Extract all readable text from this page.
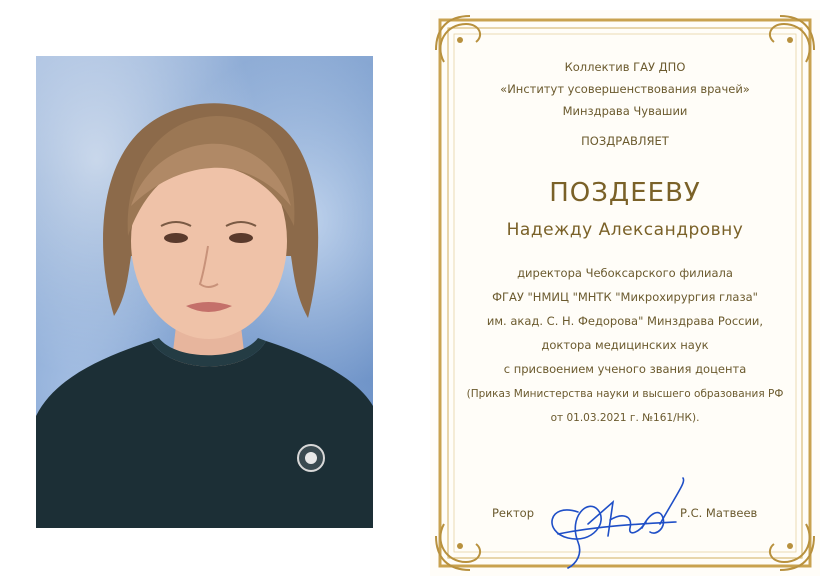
Коллектив ГАУ ДПО
«Институт усовершенствования врачей»
Минздрава Чувашии
ПОЗДРАВЛЯЕТ
ПОЗДЕЕВУ
Надежду Александровну
директора Чебоксарского филиала
ФГАУ "НМИЦ "МНТК "Микрохирургия глаза"
им. акад. С. Н. Федорова" Минздрава России,
доктора медицинских наук
с присвоением ученого звания доцента
(Приказ Министерства науки и высшего образования РФ
от 01.03.2021 г. №161/НК).
Ректор	Р.С. Матвеев
